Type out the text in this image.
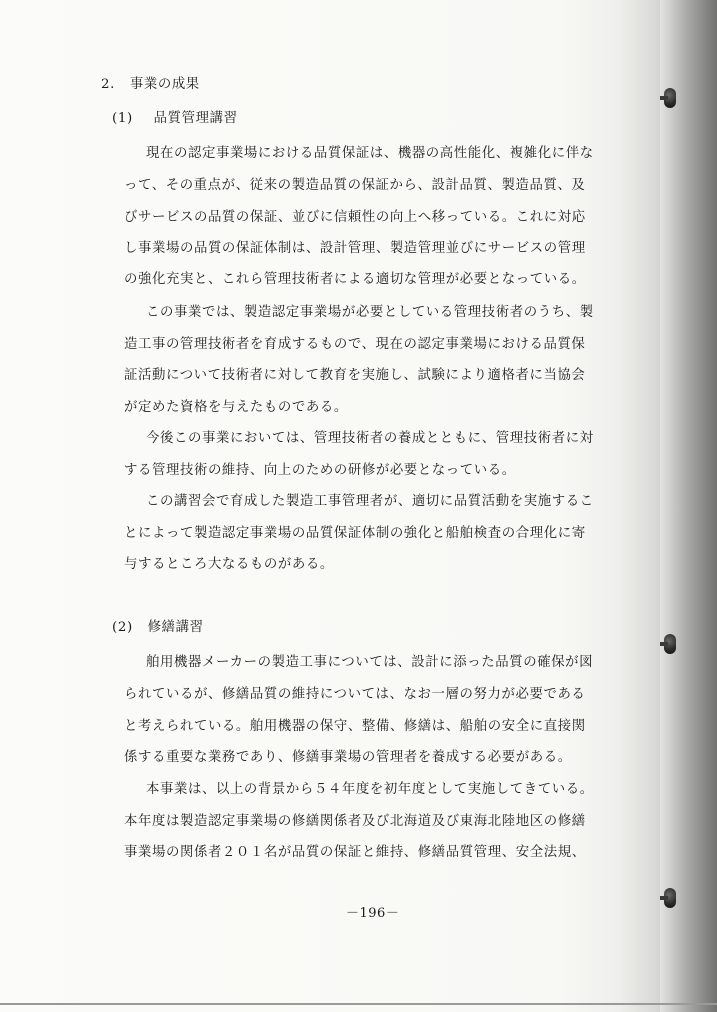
2. 事業の成果
(1) 品質管理講習
現在の認定事業場における品質保証は、機器の高性能化、複雑化に伴な
って、その重点が、従来の製造品質の保証から、設計品質、製造品質、及
びサービスの品質の保証、並びに信頼性の向上へ移っている。これに対応
し事業場の品質の保証体制は、設計管理、製造管理並びにサービスの管理
の強化充実と、これら管理技術者による適切な管理が必要となっている。
この事業では、製造認定事業場が必要としている管理技術者のうち、製
造工事の管理技術者を育成するもので、現在の認定事業場における品質保
証活動について技術者に対して教育を実施し、試験により適格者に当協会
が定めた資格を与えたものである。
今後この事業においては、管理技術者の養成とともに、管理技術者に対
する管理技術の維持、向上のための研修が必要となっている。
この講習会で育成した製造工事管理者が、適切に品質活動を実施するこ
とによって製造認定事業場の品質保証体制の強化と船舶検査の合理化に寄
与するところ大なるものがある。
(2) 修繕講習
舶用機器メーカーの製造工事については、設計に添った品質の確保が図
られているが、修繕品質の維持については、なお一層の努力が必要である
と考えられている。舶用機器の保守、整備、修繕は、船舶の安全に直接関
係する重要な業務であり、修繕事業場の管理者を養成する必要がある。
本事業は、以上の背景から５４年度を初年度として実施してきている。
本年度は製造認定事業場の修繕関係者及び北海道及び東海北陸地区の修繕
事業場の関係者２０１名が品質の保証と維持、修繕品質管理、安全法規、
－196－
